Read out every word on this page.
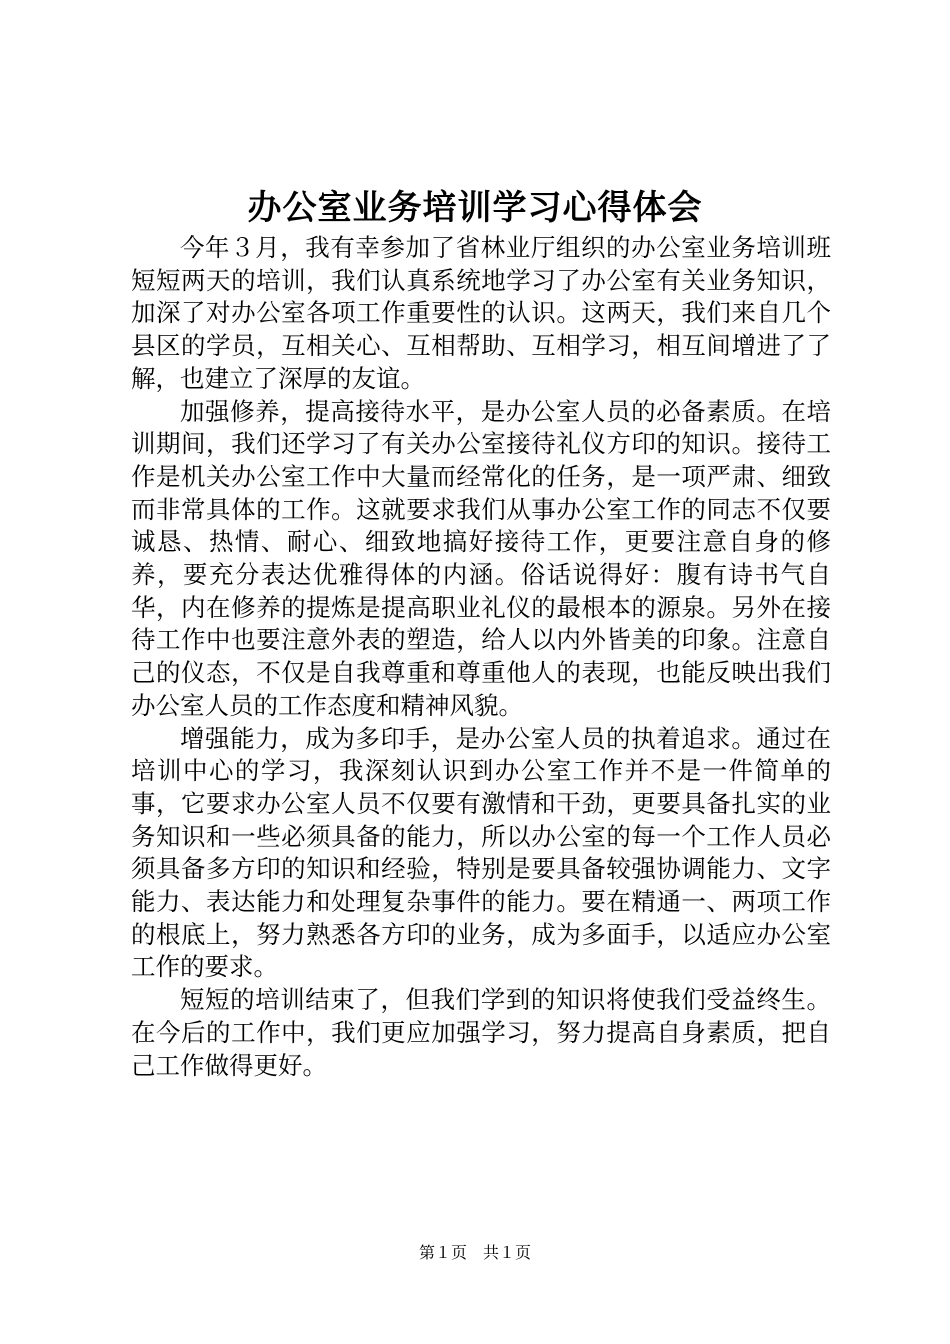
办公室业务培训学习心得体会

今年３月，我有幸参加了省林业厅组织的办公室业务培训班短短两天的培训，我们认真系统地学习了办公室有关业务知识，加深了对办公室各项工作重要性的认识。这两天，我们来自几个县区的学员，互相关心、互相帮助、互相学习，相互间增进了了解，也建立了深厚的友谊。

加强修养，提高接待水平，是办公室人员的必备素质。在培训期间，我们还学习了有关办公室接待礼仪方印的知识。接待工作是机关办公室工作中大量而经常化的任务，是一项严肃、细致而非常具体的工作。这就要求我们从事办公室工作的同志不仅要诚恳、热情、耐心、细致地搞好接待工作，更要注意自身的修养，要充分表达优雅得体的内涵。俗话说得好：腹有诗书气自华，内在修养的提炼是提高职业礼仪的最根本的源泉。另外在接待工作中也要注意外表的塑造，给人以内外皆美的印象。注意自己的仪态，不仅是自我尊重和尊重他人的表现，也能反映出我们办公室人员的工作态度和精神风貌。

增强能力，成为多印手，是办公室人员的执着追求。通过在培训中心的学习，我深刻认识到办公室工作并不是一件简单的事，它要求办公室人员不仅要有激情和干劲，更要具备扎实的业务知识和一些必须具备的能力，所以办公室的每一个工作人员必须具备多方印的知识和经验，特别是要具备较强协调能力、文字能力、表达能力和处理复杂事件的能力。要在精通一、两项工作的根底上，努力熟悉各方印的业务，成为多面手，以适应办公室工作的要求。

短短的培训结束了，但我们学到的知识将使我们受益终生。在今后的工作中，我们更应加强学习，努力提高自身素质，把自己工作做得更好。

第１页　共１页
